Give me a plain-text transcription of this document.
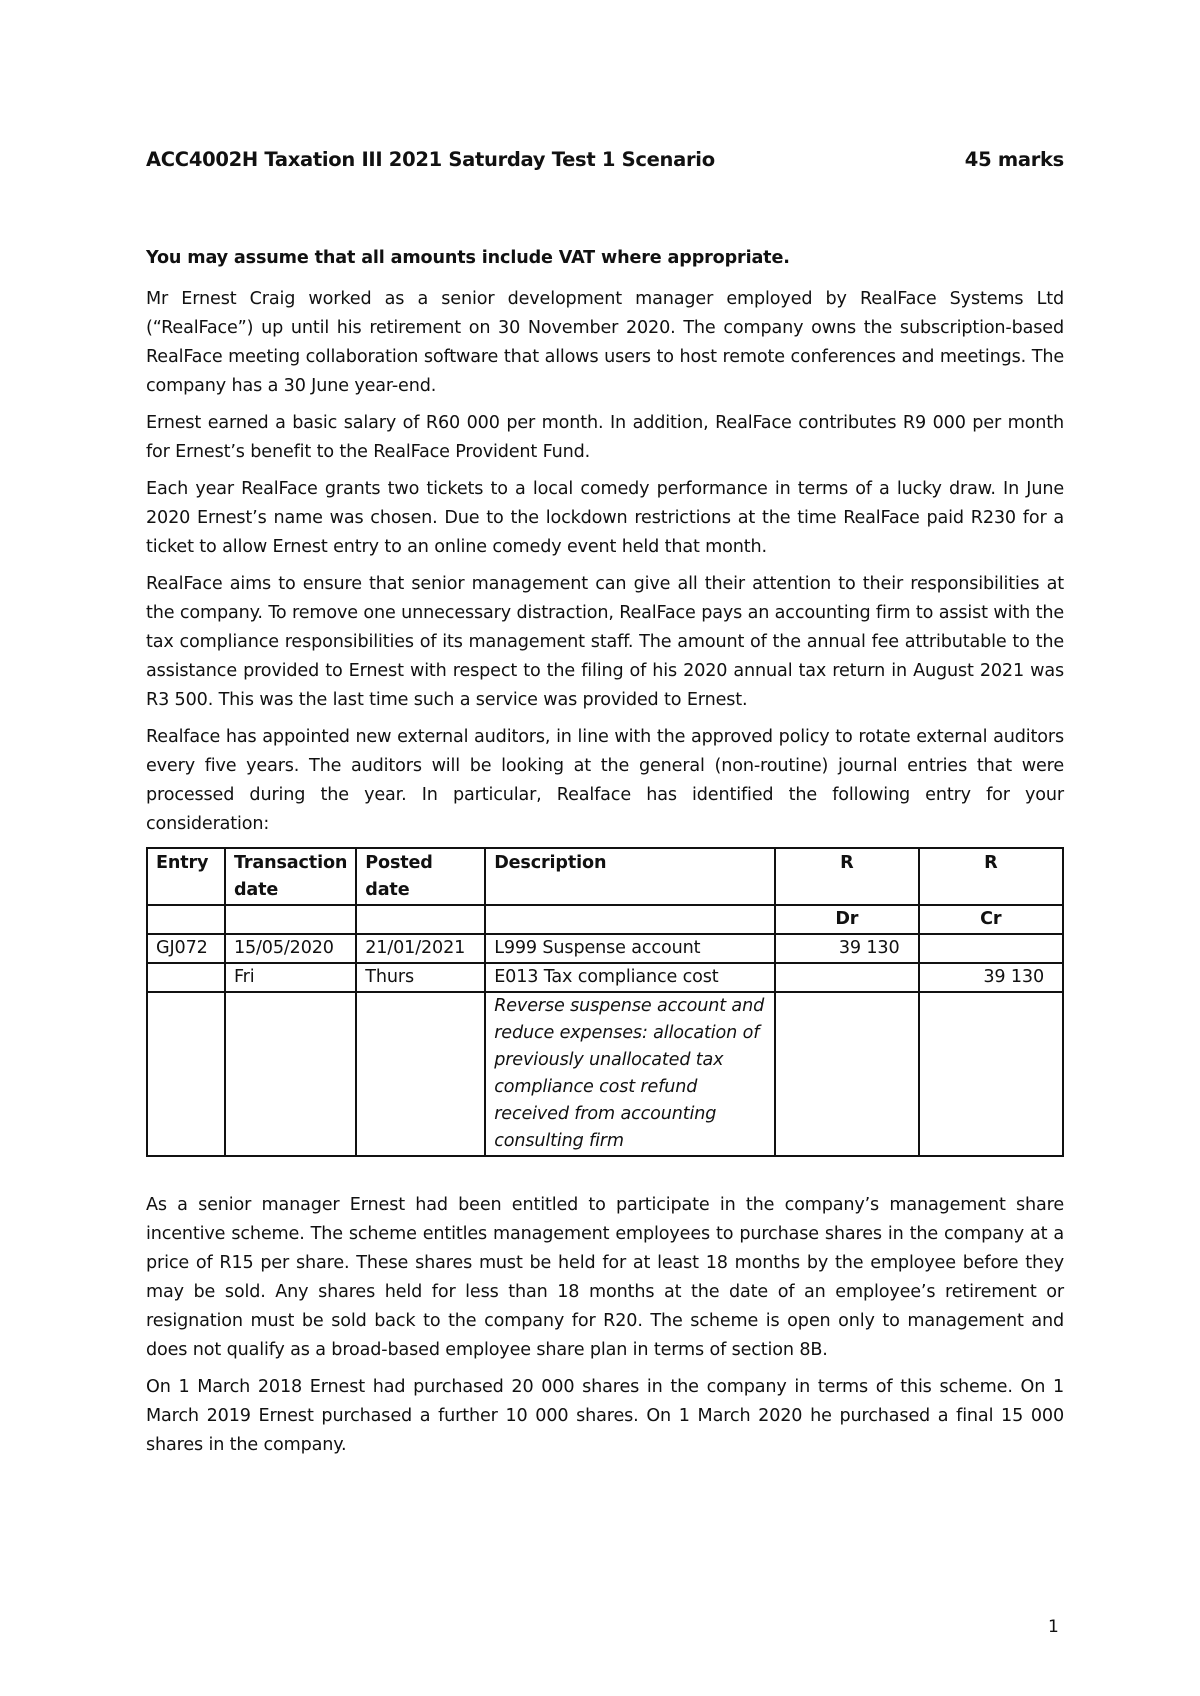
ACC4002H Taxation III 2021 Saturday Test 1 Scenario	45 marks

You may assume that all amounts include VAT where appropriate.

Mr Ernest Craig worked as a senior development manager employed by RealFace Systems Ltd (“RealFace”) up until his retirement on 30 November 2020. The company owns the subscription-based RealFace meeting collaboration software that allows users to host remote conferences and meetings. The company has a 30 June year-end.

Ernest earned a basic salary of R60 000 per month. In addition, RealFace contributes R9 000 per month for Ernest’s benefit to the RealFace Provident Fund.

Each year RealFace grants two tickets to a local comedy performance in terms of a lucky draw. In June 2020 Ernest’s name was chosen. Due to the lockdown restrictions at the time RealFace paid R230 for a ticket to allow Ernest entry to an online comedy event held that month.

RealFace aims to ensure that senior management can give all their attention to their responsibilities at the company. To remove one unnecessary distraction, RealFace pays an accounting firm to assist with the tax compliance responsibilities of its management staff. The amount of the annual fee attributable to the assistance provided to Ernest with respect to the filing of his 2020 annual tax return in August 2021 was R3 500. This was the last time such a service was provided to Ernest.

Realface has appointed new external auditors, in line with the approved policy to rotate external auditors every five years. The auditors will be looking at the general (non-routine) journal entries that were processed during the year. In particular, Realface has identified the following entry for your consideration:

Entry	Transaction date	Posted date	Description	R	R
				Dr	Cr
GJ072	15/05/2020	21/01/2021	L999 Suspense account	39 130	
	Fri	Thurs	E013 Tax compliance cost		39 130
			Reverse suspense account and reduce expenses: allocation of previously unallocated tax compliance cost refund received from accounting consulting firm		

As a senior manager Ernest had been entitled to participate in the company’s management share incentive scheme. The scheme entitles management employees to purchase shares in the company at a price of R15 per share. These shares must be held for at least 18 months by the employee before they may be sold. Any shares held for less than 18 months at the date of an employee’s retirement or resignation must be sold back to the company for R20. The scheme is open only to management and does not qualify as a broad-based employee share plan in terms of section 8B.

On 1 March 2018 Ernest had purchased 20 000 shares in the company in terms of this scheme. On 1 March 2019 Ernest purchased a further 10 000 shares. On 1 March 2020 he purchased a final 15 000 shares in the company.

1
